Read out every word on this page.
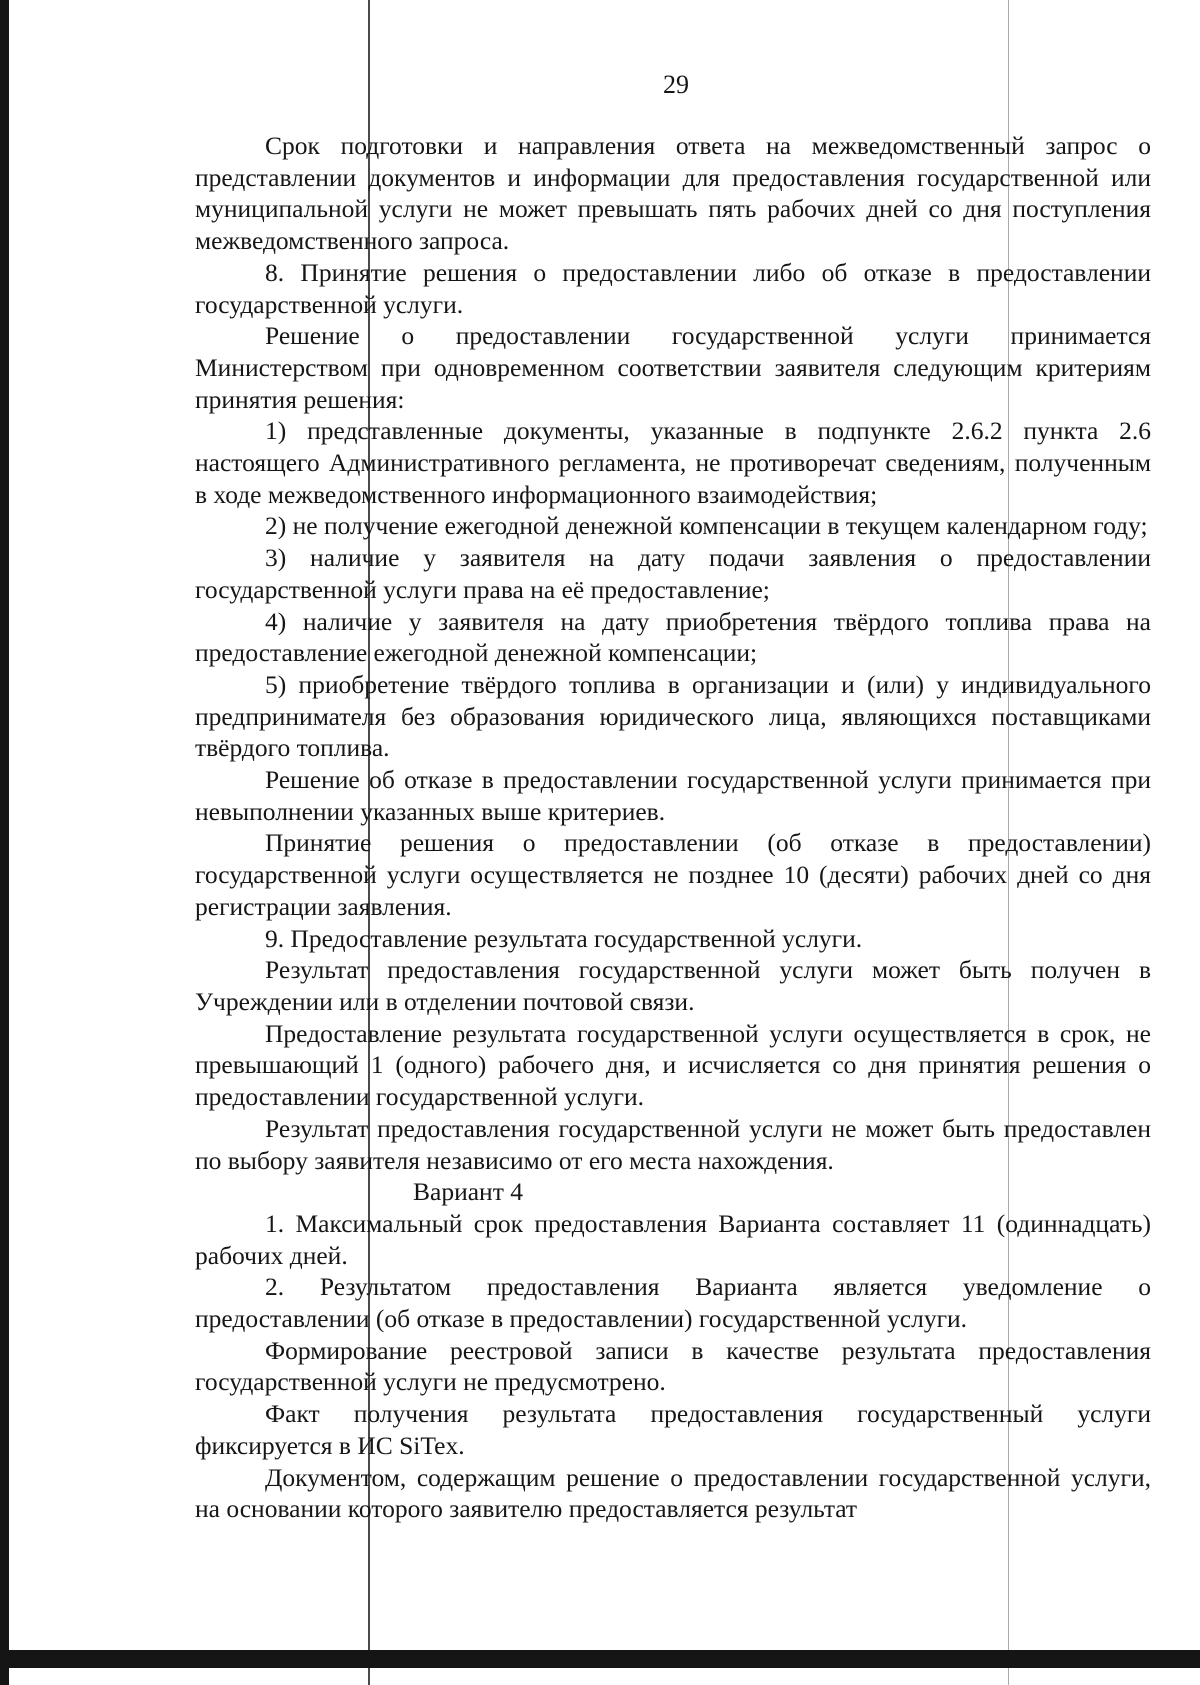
29

Срок подготовки и направления ответа на межведомственный запрос о представлении документов и информации для предоставления государственной или муниципальной услуги не может превышать пять рабочих дней со дня поступления межведомственного запроса.

8. Принятие решения о предоставлении либо об отказе в предоставлении государственной услуги.

Решение о предоставлении государственной услуги принимается Министерством при одновременном соответствии заявителя следующим критериям принятия решения:

1) представленные документы, указанные в подпункте 2.6.2 пункта 2.6 настоящего Административного регламента, не противоречат сведениям, полученным в ходе межведомственного информационного взаимодействия;

2) не получение ежегодной денежной компенсации в текущем календарном году;

3) наличие у заявителя на дату подачи заявления о предоставлении государственной услуги права на её предоставление;

4) наличие у заявителя на дату приобретения твёрдого топлива права на предоставление ежегодной денежной компенсации;

5) приобретение твёрдого топлива в организации и (или) у индивидуального предпринимателя без образования юридического лица, являющихся поставщиками твёрдого топлива.

Решение об отказе в предоставлении государственной услуги принимается при невыполнении указанных выше критериев.

Принятие решения о предоставлении (об отказе в предоставлении) государственной услуги осуществляется не позднее 10 (десяти) рабочих дней со дня регистрации заявления.

9. Предоставление результата государственной услуги.

Результат предоставления государственной услуги может быть получен в Учреждении или в отделении почтовой связи.

Предоставление результата государственной услуги осуществляется в срок, не превышающий 1 (одного) рабочего дня, и исчисляется со дня принятия решения о предоставлении государственной услуги.

Результат предоставления государственной услуги не может быть предоставлен по выбору заявителя независимо от его места нахождения.

Вариант 4

1. Максимальный срок предоставления Варианта составляет 11 (одиннадцать) рабочих дней.

2. Результатом предоставления Варианта является уведомление о предоставлении (об отказе в предоставлении) государственной услуги.

Формирование реестровой записи в качестве результата предоставления государственной услуги не предусмотрено.

Факт получения результата предоставления государственный услуги фиксируется в ИС SiTex.

Документом, содержащим решение о предоставлении государственной услуги, на основании которого заявителю предоставляется результат
